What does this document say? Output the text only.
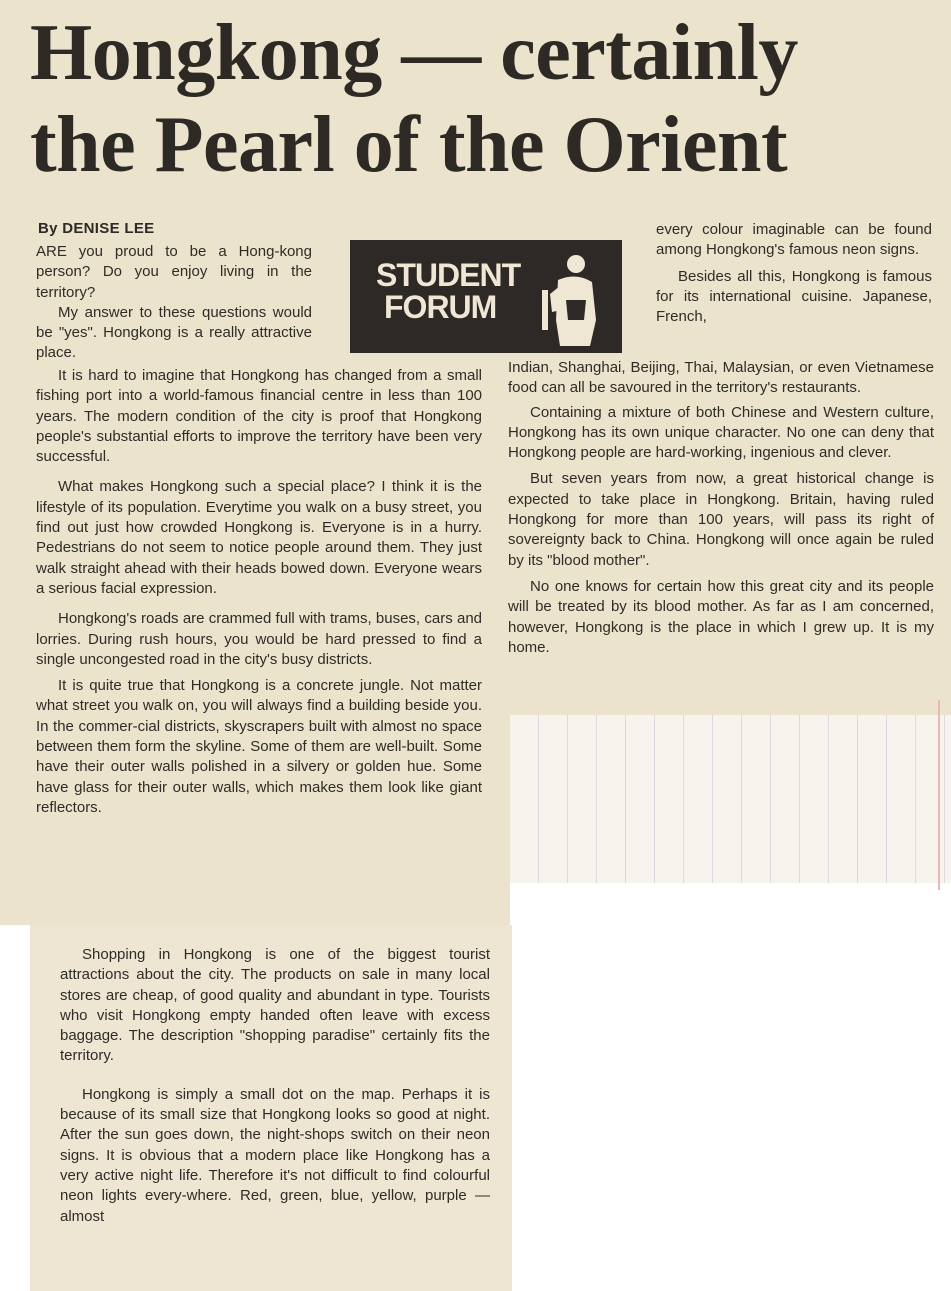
Hongkong — certainly
the Pearl of the Orient

By DENISE LEE

STUDENT
FORUM

ARE you proud to be a Hong-kong person? Do you enjoy living in the territory?

My answer to these questions would be "yes". Hongkong is a really attractive place.

It is hard to imagine that Hongkong has changed from a small fishing port into a world-famous financial centre in less than 100 years. The modern condition of the city is proof that Hongkong people's substantial efforts to improve the territory have been very successful.

What makes Hongkong such a special place? I think it is the lifestyle of its population. Everytime you walk on a busy street, you find out just how crowded Hongkong is. Everyone is in a hurry. Pedestrians do not seem to notice people around them. They just walk straight ahead with their heads bowed down. Everyone wears a serious facial expression.

Hongkong's roads are crammed full with trams, buses, cars and lorries. During rush hours, you would be hard pressed to find a single uncongested road in the city's busy districts.

It is quite true that Hongkong is a concrete jungle. Not matter what street you walk on, you will always find a building beside you. In the commer-cial districts, skyscrapers built with almost no space between them form the skyline. Some of them are well-built. Some have their outer walls polished in a silvery or golden hue. Some have glass for their outer walls, which makes them look like giant reflectors.

Shopping in Hongkong is one of the biggest tourist attractions about the city. The products on sale in many local stores are cheap, of good quality and abundant in type. Tourists who visit Hongkong empty handed often leave with excess baggage. The description "shopping paradise" certainly fits the territory.

Hongkong is simply a small dot on the map. Perhaps it is because of its small size that Hongkong looks so good at night. After the sun goes down, the night-shops switch on their neon signs. It is obvious that a modern place like Hongkong has a very active night life. Therefore it's not difficult to find colourful neon lights every-where. Red, green, blue, yellow, purple — almost

every colour imaginable can be found among Hongkong's famous neon signs.

Besides all this, Hongkong is famous for its international cuisine. Japanese, French,

Indian, Shanghai, Beijing, Thai, Malaysian, or even Vietnamese food can all be savoured in the territory's restaurants.

Containing a mixture of both Chinese and Western culture, Hongkong has its own unique character. No one can deny that Hongkong people are hard-working, ingenious and clever.

But seven years from now, a great historical change is expected to take place in Hongkong. Britain, having ruled Hongkong for more than 100 years, will pass its right of sovereignty back to China. Hongkong will once again be ruled by its "blood mother".

No one knows for certain how this great city and its people will be treated by its blood mother. As far as I am concerned, however, Hongkong is the place in which I grew up. It is my home.
